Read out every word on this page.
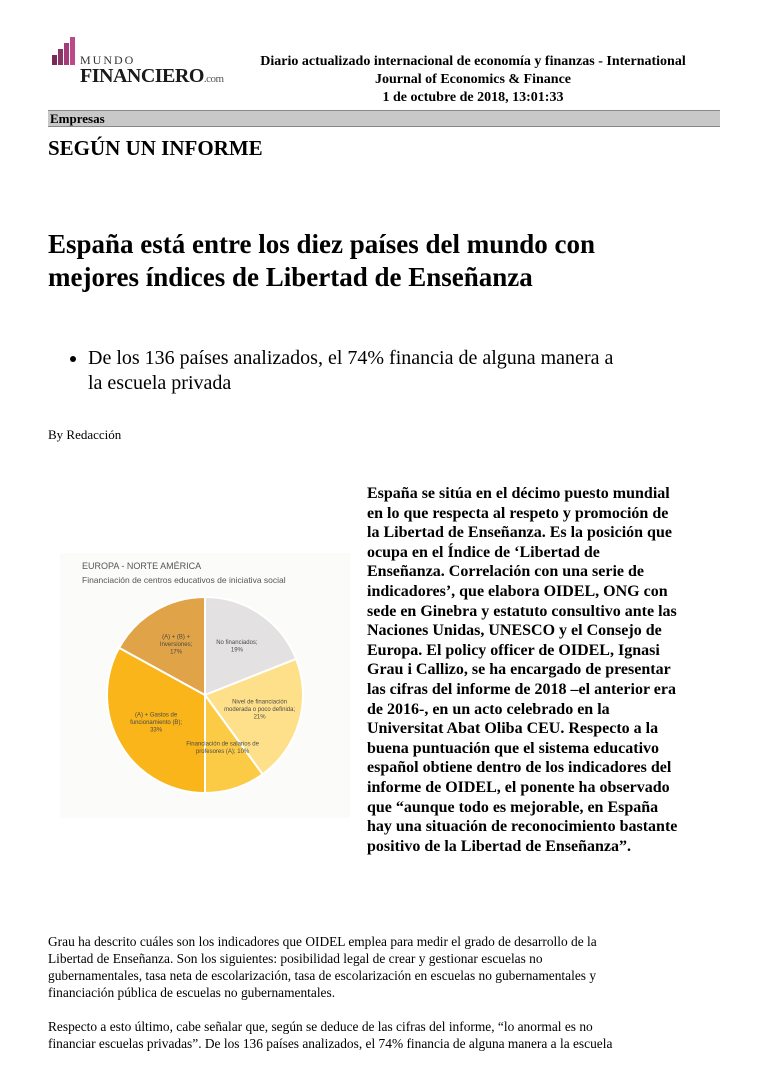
MUNDO
FINANCIERO.com
Diario actualizado internacional de economía y finanzas - International
Journal of Economics & Finance
1 de octubre de 2018, 13:01:33
Empresas
SEGÚN UN INFORME
España está entre los diez países del mundo con
mejores índices de Libertad de Enseñanza
• De los 136 países analizados, el 74% financia de alguna manera a
la escuela privada
By Redacción
EUROPA - NORTE AMÉRICA
Financiación de centros educativos de iniciativa social
No financiados; 19%
Nivel de financiación moderada o poco definida; 21%
Financiación de salarios de profesores (A); 10%
(A) + Gastos de funcionamiento (B); 33%
(A) + (B) + Inversiones; 17%
España se sitúa en el décimo puesto mundial
en lo que respecta al respeto y promoción de
la Libertad de Enseñanza. Es la posición que
ocupa en el Índice de ‘Libertad de
Enseñanza. Correlación con una serie de
indicadores’, que elabora OIDEL, ONG con
sede en Ginebra y estatuto consultivo ante las
Naciones Unidas, UNESCO y el Consejo de
Europa. El policy officer de OIDEL, Ignasi
Grau i Callizo, se ha encargado de presentar
las cifras del informe de 2018 –el anterior era
de 2016-, en un acto celebrado en la
Universitat Abat Oliba CEU. Respecto a la
buena puntuación que el sistema educativo
español obtiene dentro de los indicadores del
informe de OIDEL, el ponente ha observado
que “aunque todo es mejorable, en España
hay una situación de reconocimiento bastante
positivo de la Libertad de Enseñanza”.
Grau ha descrito cuáles son los indicadores que OIDEL emplea para medir el grado de desarrollo de la
Libertad de Enseñanza. Son los siguientes: posibilidad legal de crear y gestionar escuelas no
gubernamentales, tasa neta de escolarización, tasa de escolarización en escuelas no gubernamentales y
financiación pública de escuelas no gubernamentales.
Respecto a esto último, cabe señalar que, según se deduce de las cifras del informe, “lo anormal es no
financiar escuelas privadas”. De los 136 países analizados, el 74% financia de alguna manera a la escuela
